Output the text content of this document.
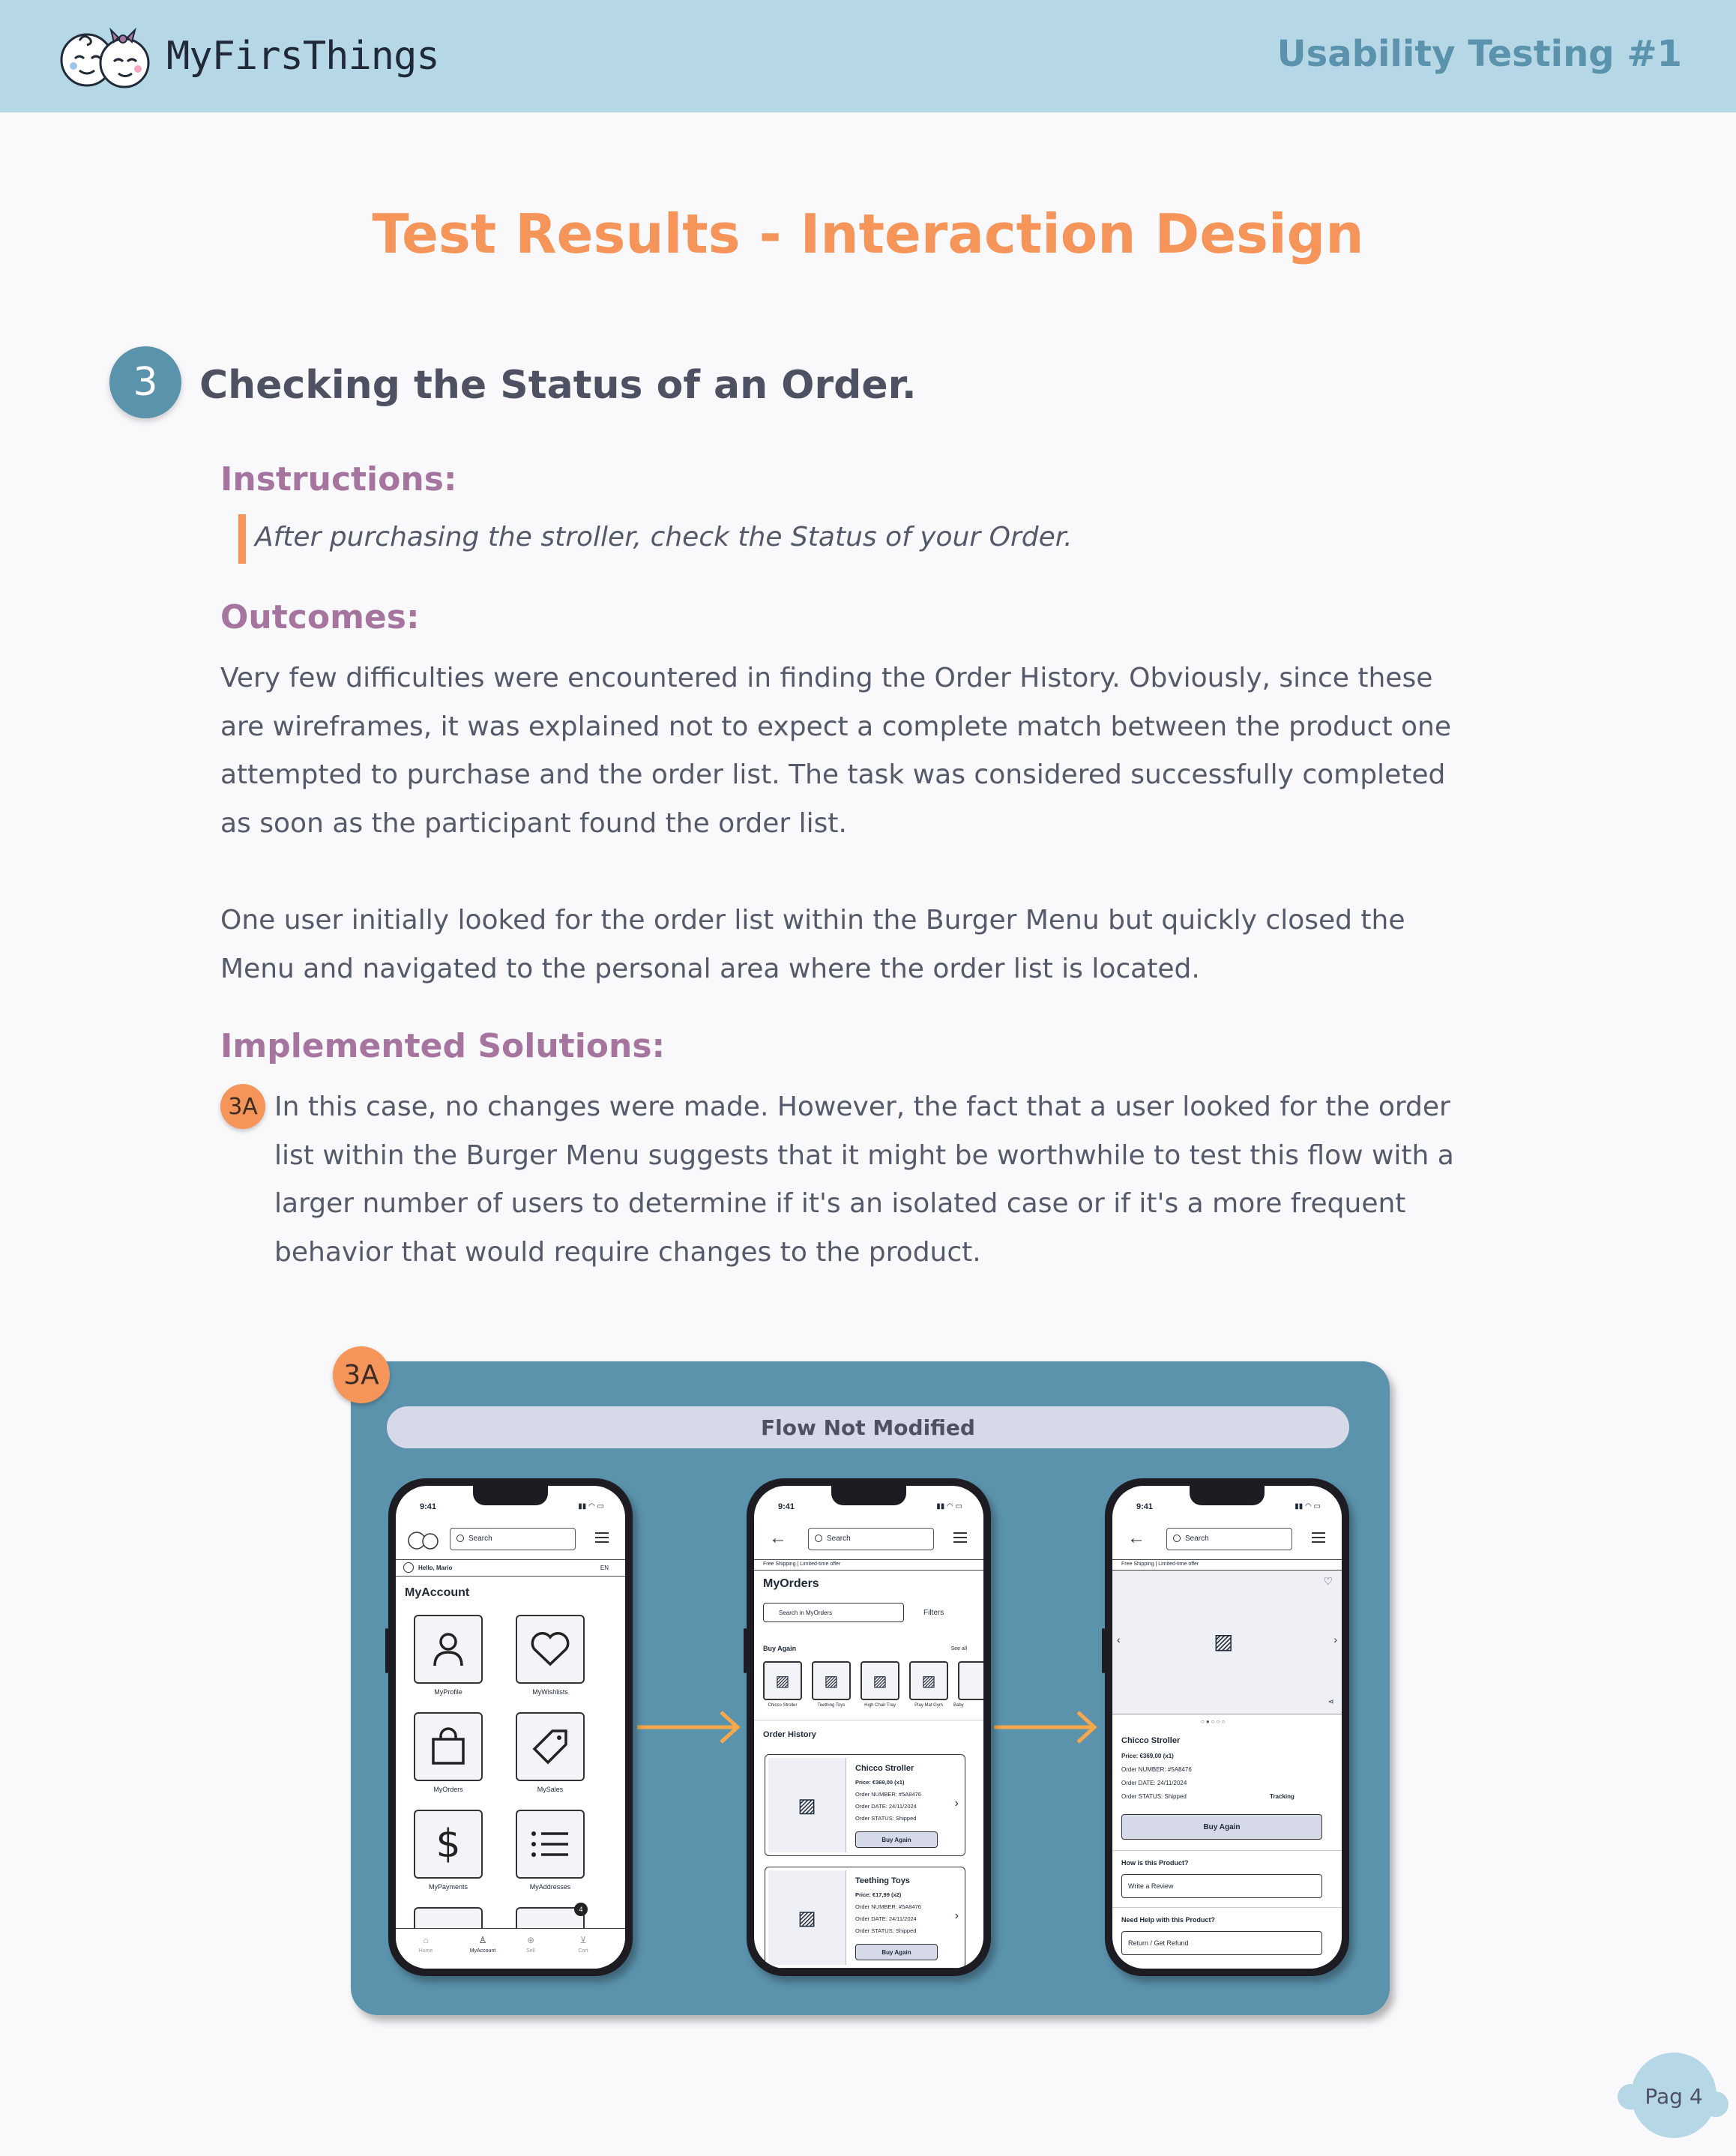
MyFirsThings	Usability Testing #1
Test Results - Interaction Design
3	Checking the Status of an Order.
Instructions:
After purchasing the stroller, check the Status of your Order.
Outcomes:
Very few difficulties were encountered in finding the Order History. Obviously, since these
are wireframes, it was explained not to expect a complete match between the product one
attempted to purchase and the order list. The task was considered successfully completed
as soon as the participant found the order list.
One user initially looked for the order list within the Burger Menu but quickly closed the
Menu and navigated to the personal area where the order list is located.
Implemented Solutions:
3A In this case, no changes were made. However, the fact that a user looked for the order
list within the Burger Menu suggests that it might be worthwhile to test this flow with a
larger number of users to determine if it's an isolated case or if it's a more frequent
behavior that would require changes to the product.
3A
Flow Not Modified
9:41	▮▮ ◠ ▭
Search
Hello, Mario	EN
MyAccount
MyProfile	MyWishlists
MyOrders	MySales
$
MyPayments	MyAddresses
4
⌂
Home
♙
MyAccount
⊕
Sell
⊻
Cart
9:41	▮▮ ◠ ▭
←	Search
Free Shipping | Limited-time offer
MyOrders
Search in MyOrders	Filters
Buy Again	See all
▨
Chicco Stroller
▨
Teething Toys
▨
High Chair Tray
▨
Play Mat Gym	Baby
Order History
▨
Chicco Stroller
Price: €369,00 (x1)
Order NUMBER: #5A8476
Order DATE: 24/11/2024
Order STATUS: Shipped
Buy Again
›
▨
Teething Toys
Price: €17,99 (x2)
Order NUMBER: #5A8476
Order DATE: 24/11/2024
Order STATUS: Shipped
Buy Again
›
9:41	▮▮ ◠ ▭
←	Search
Free Shipping | Limited-time offer
♡
‹	›
▨
⋖
○●○○○
Chicco Stroller
Price: €369,00 (x1)
Order NUMBER: #5A8476
Order DATE: 24/11/2024
Order STATUS: Shipped	Tracking
Buy Again
How is this Product?
Write a Review
Need Help with this Product?
Return / Get Refund
Pag 4
